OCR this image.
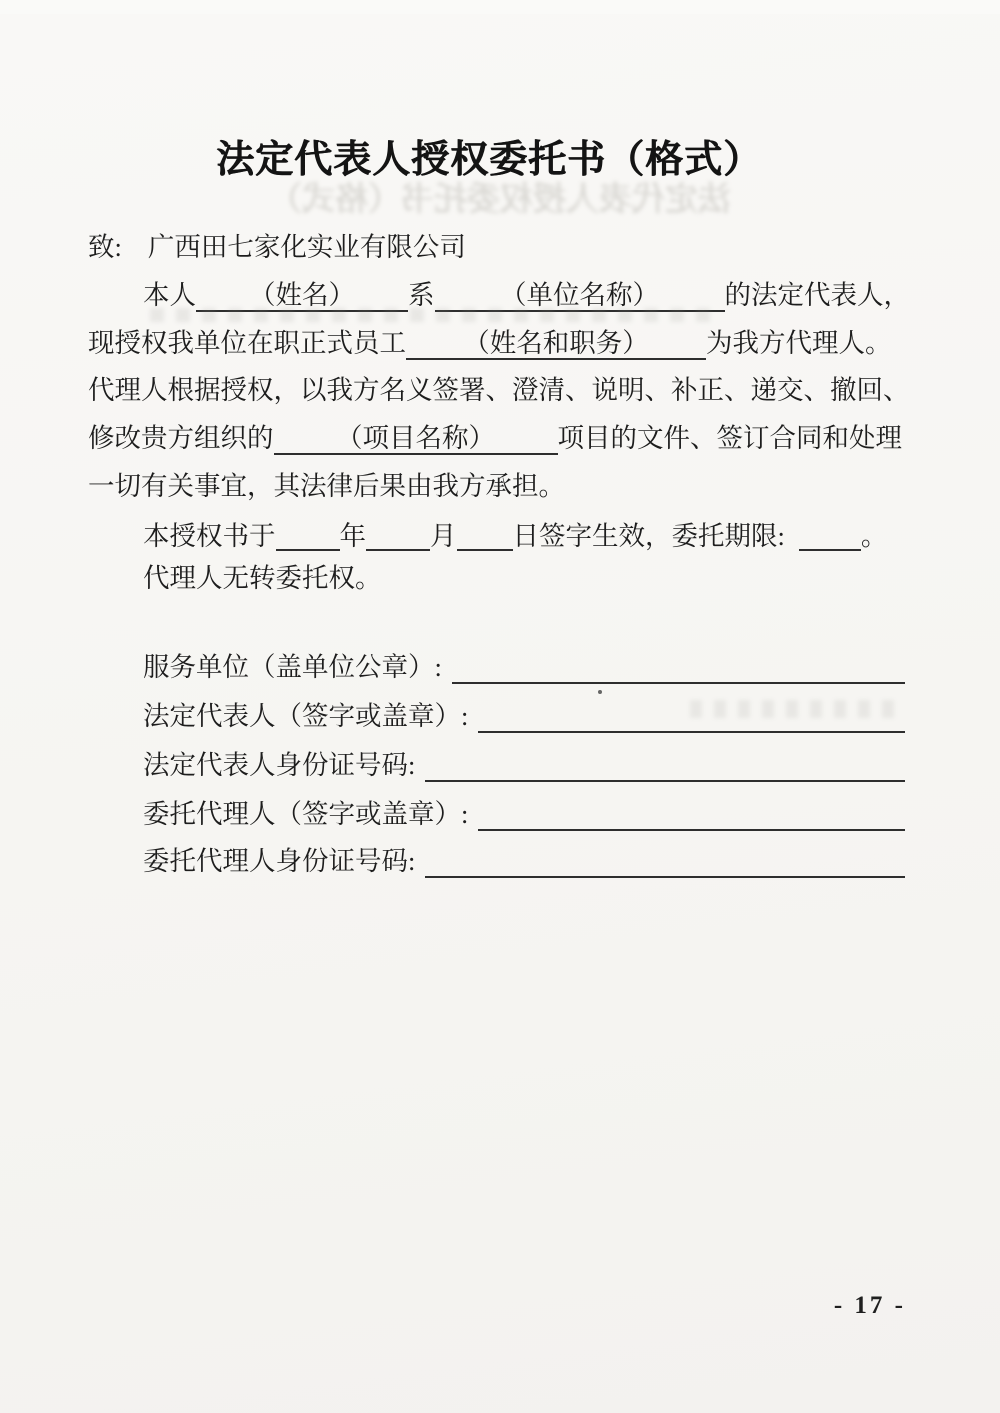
法定代表人授权委托书（格式）
法定代表人授权委托书（格式）
致: 广西田七家化实业有限公司
本人 （姓名） 系 （单位名称） 的法定代表人，
现授权我单位在职正式员工 （姓名和职务） 为我方代理人。
代理人根据授权，以我方名义签署、澄清、说明、补正、递交、撤回、
修改贵方组织的 （项目名称） 项目的文件、签订合同和处理
一切有关事宜，其法律后果由我方承担。
本授权书于 年 月 日签字生效，委托期限:	。
代理人无转委托权。
服务单位（盖单位公章）:
法定代表人（签字或盖章）:
法定代表人身份证号码:
委托代理人（签字或盖章）:
委托代理人身份证号码:
- 17 -
